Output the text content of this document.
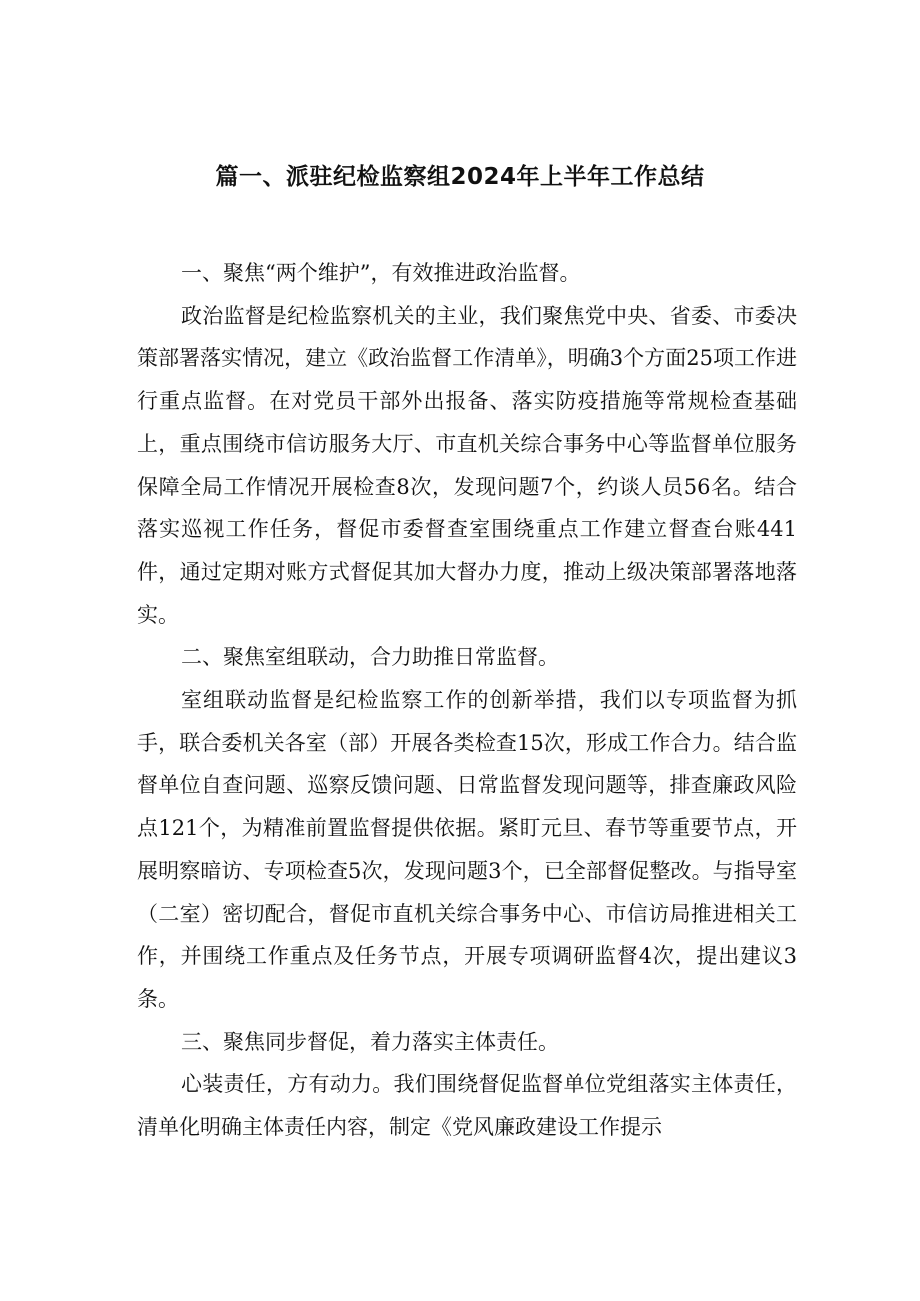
篇一、派驻纪检监察组2024年上半年工作总结

一、聚焦“两个维护”，有效推进政治监督。

政治监督是纪检监察机关的主业，我们聚焦党中央、省委、市委决策部署落实情况，建立《政治监督工作清单》，明确3个方面25项工作进行重点监督。在对党员干部外出报备、落实防疫措施等常规检查基础上，重点围绕市信访服务大厅、市直机关综合事务中心等监督单位服务保障全局工作情况开展检查8次，发现问题7个，约谈人员56名。结合落实巡视工作任务，督促市委督查室围绕重点工作建立督查台账441件，通过定期对账方式督促其加大督办力度，推动上级决策部署落地落实。

二、聚焦室组联动，合力助推日常监督。

室组联动监督是纪检监察工作的创新举措，我们以专项监督为抓手，联合委机关各室（部）开展各类检查15次，形成工作合力。结合监督单位自查问题、巡察反馈问题、日常监督发现问题等，排查廉政风险点121个，为精准前置监督提供依据。紧盯元旦、春节等重要节点，开展明察暗访、专项检查5次，发现问题3个，已全部督促整改。与指导室（二室）密切配合，督促市直机关综合事务中心、市信访局推进相关工作，并围绕工作重点及任务节点，开展专项调研监督4次，提出建议3条。

三、聚焦同步督促，着力落实主体责任。

心装责任，方有动力。我们围绕督促监督单位党组落实主体责任，清单化明确主体责任内容，制定《党风廉政建设工作提示
